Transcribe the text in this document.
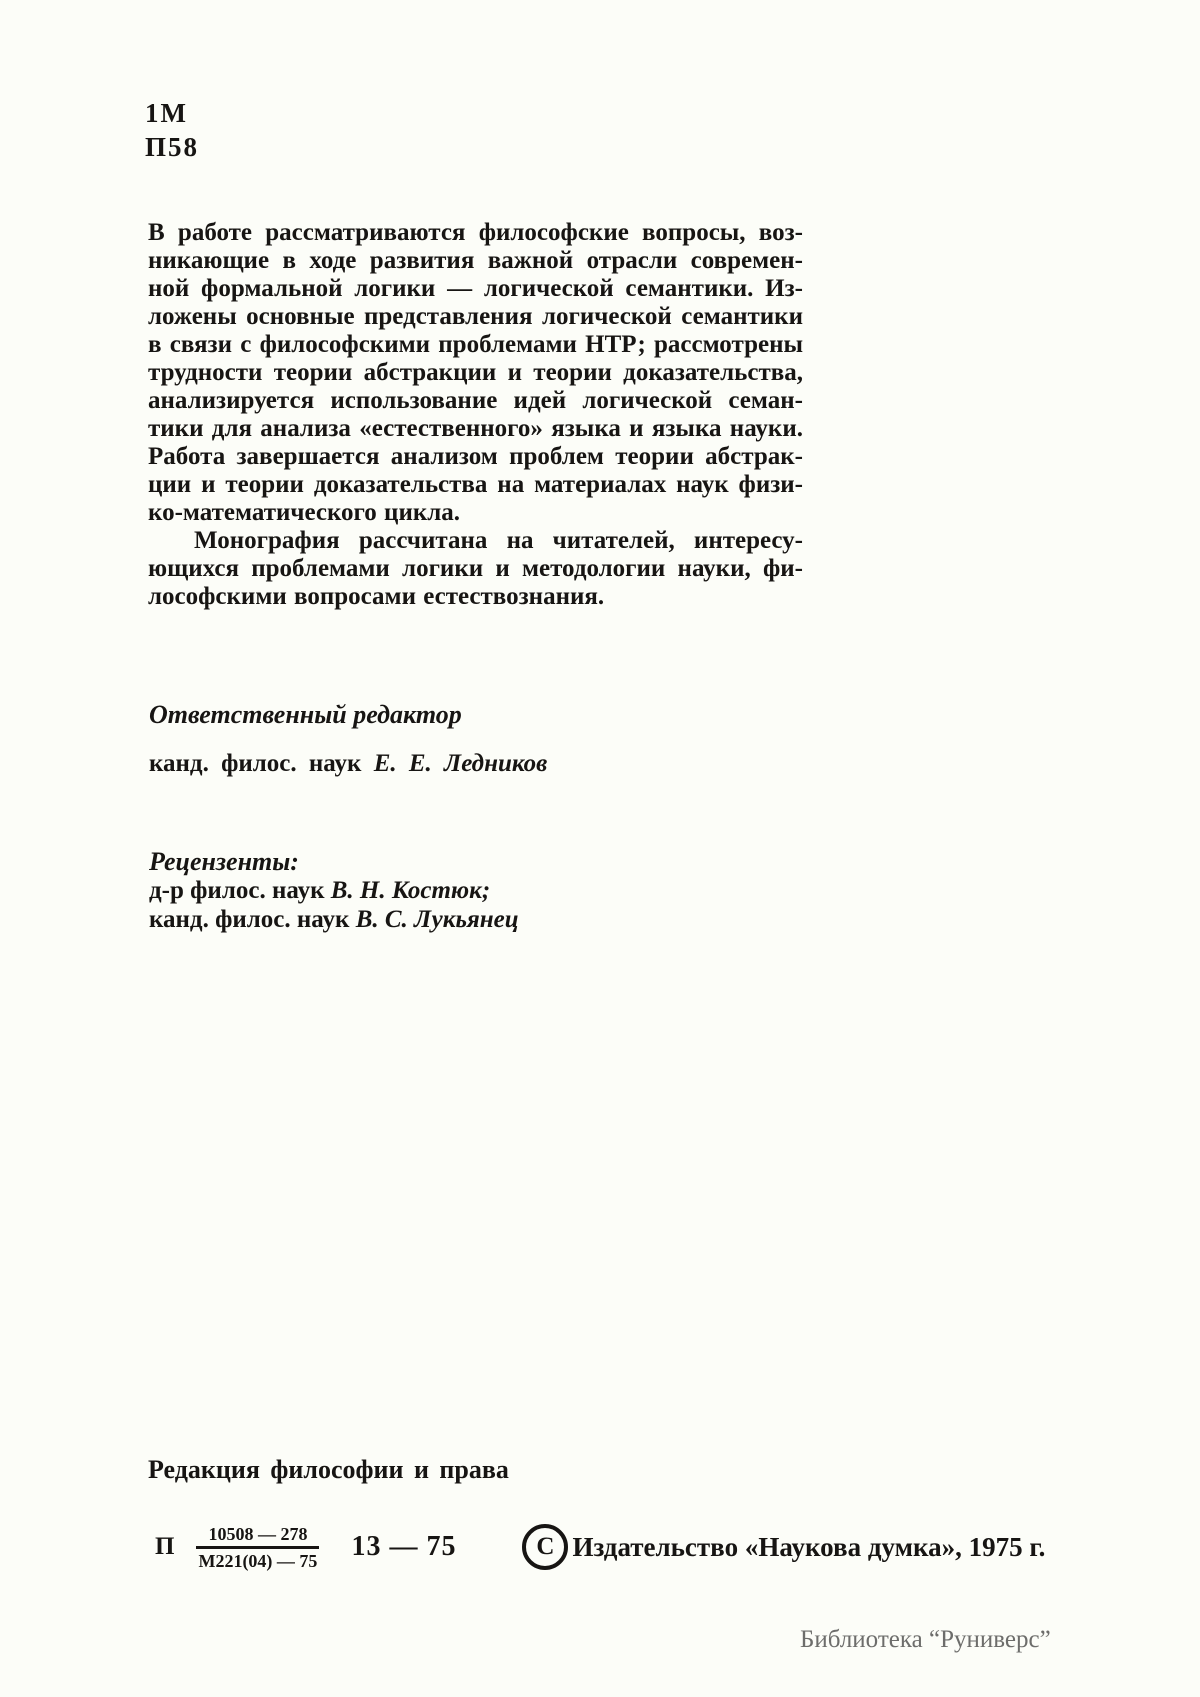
1М
П58
В работе рассматриваются философские вопросы, воз-
никающие в ходе развития важной отрасли современ-
ной формальной логики — логической семантики. Из-
ложены основные представления логической семантики
в связи с философскими проблемами НТР; рассмотрены
трудности теории абстракции и теории доказательства,
анализируется использование идей логической семан-
тики для анализа «естественного» языка и языка науки.
Работа завершается анализом проблем теории абстрак-
ции и теории доказательства на материалах наук физи-
ко-математического цикла.
Монография рассчитана на читателей, интересу-
ющихся проблемами логики и методологии науки, фи-
лософскими вопросами естествознания.
Ответственный редактор
канд. филос. наук Е. Е. Ледников
Рецензенты:
д-р филос. наук В. Н. Костюк;
канд. филос. наук В. С. Лукьянец
Редакция философии и права
П $\frac{10508 — 278}{М221(04) — 75} 13$ — 75	С Издательство «Наукова думка», 1975 г.
Библиотека “Руниверс”
